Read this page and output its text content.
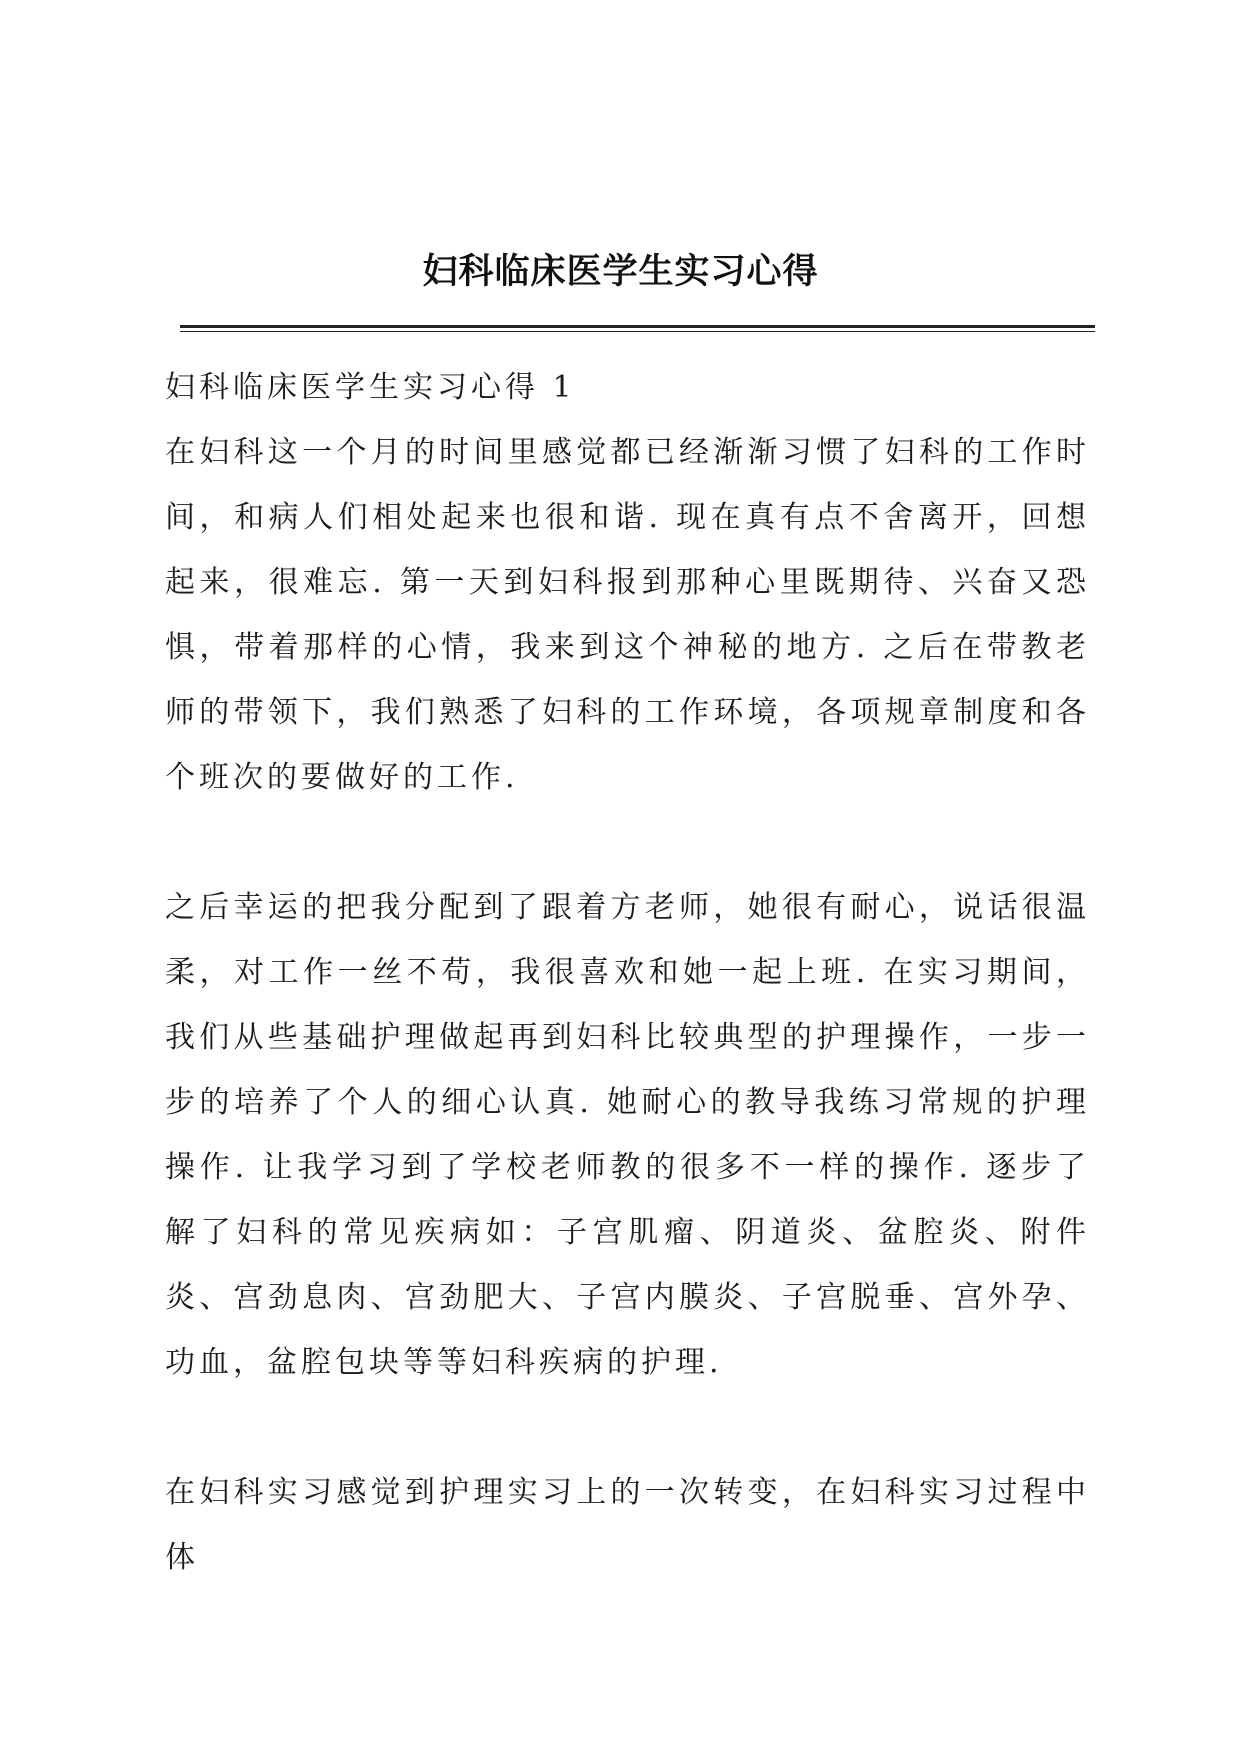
妇科临床医学生实习心得

妇科临床医学生实习心得 1

在妇科这一个月的时间里感觉都已经渐渐习惯了妇科的工作时间，和病人们相处起来也很和谐. 现在真有点不舍离开，回想起来，很难忘. 第一天到妇科报到那种心里既期待、兴奋又恐惧，带着那样的心情，我来到这个神秘的地方. 之后在带教老师的带领下，我们熟悉了妇科的工作环境，各项规章制度和各个班次的要做好的工作.

之后幸运的把我分配到了跟着方老师，她很有耐心，说话很温柔，对工作一丝不苟，我很喜欢和她一起上班. 在实习期间，我们从些基础护理做起再到妇科比较典型的护理操作，一步一步的培养了个人的细心认真. 她耐心的教导我练习常规的护理操作. 让我学习到了学校老师教的很多不一样的操作. 逐步了解了妇科的常见疾病如：子宫肌瘤、阴道炎、盆腔炎、附件炎、宫劲息肉、宫劲肥大、子宫内膜炎、子宫脱垂、宫外孕、功血，盆腔包块等等妇科疾病的护理.

在妇科实习感觉到护理实习上的一次转变，在妇科实习过程中体
